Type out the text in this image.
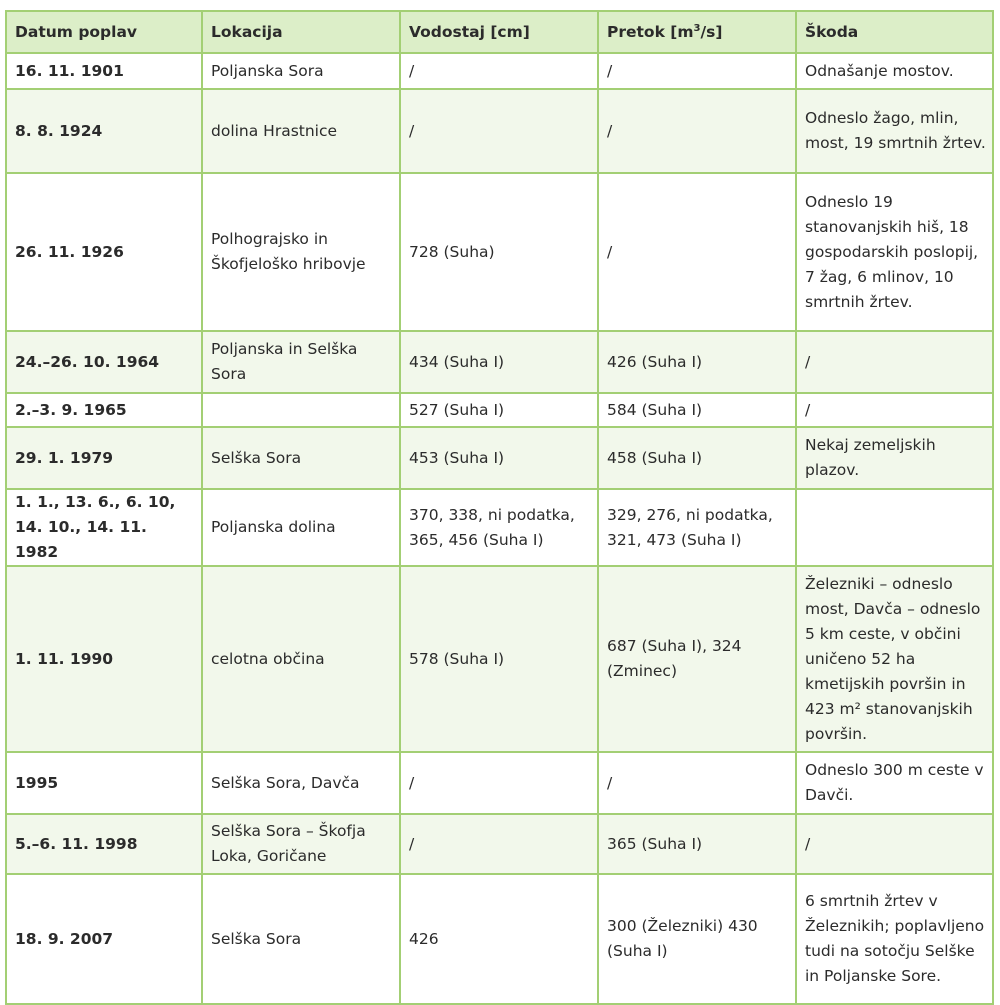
Datum poplav	Lokacija	Vodostaj [cm]	Pretok $[m^3/s]$	Škoda
16. 11. 1901	Poljanska Sora	/	/	Odnašanje mostov.
8. 8. 1924	dolina Hrastnice	/	/	Odneslo žago, mlin, most, 19 smrtnih žrtev.
26. 11. 1926	Polhograjsko in Škofjeloško hribovje	728 (Suha)	/	Odneslo 19 stanovanjskih hiš, 18 gospodarskih poslopij, 7 žag, 6 mlinov, 10 smrtnih žrtev.
24.–26. 10. 1964	Poljanska in Selška Sora	434 (Suha I)	426 (Suha I)	/
2.–3. 9. 1965		527 (Suha I)	584 (Suha I)	/
29. 1. 1979	Selška Sora	453 (Suha I)	458 (Suha I)	Nekaj zemeljskih plazov.
1. 1., 13. 6., 6. 10, 14. 10., 14. 11. 1982	Poljanska dolina	370, 338, ni podatka, 365, 456 (Suha I)	329, 276, ni podatka, 321, 473 (Suha I)	
1. 11. 1990	celotna občina	578 (Suha I)	687 (Suha I), 324 (Zminec)	Železniki – odneslo most, Davča – odneslo 5 km ceste, v občini uničeno 52 ha kmetijskih površin in 423 m² stanovanjskih površin.
1995	Selška Sora, Davča	/	/	Odneslo 300 m ceste v Davči.
5.–6. 11. 1998	Selška Sora – Škofja Loka, Goričane	/	365 (Suha I)	/
18. 9. 2007	Selška Sora	426	300 (Železniki) 430 (Suha I)	6 smrtnih žrtev v Železnikih; poplavljeno tudi na sotočju Selške in Poljanske Sore.
